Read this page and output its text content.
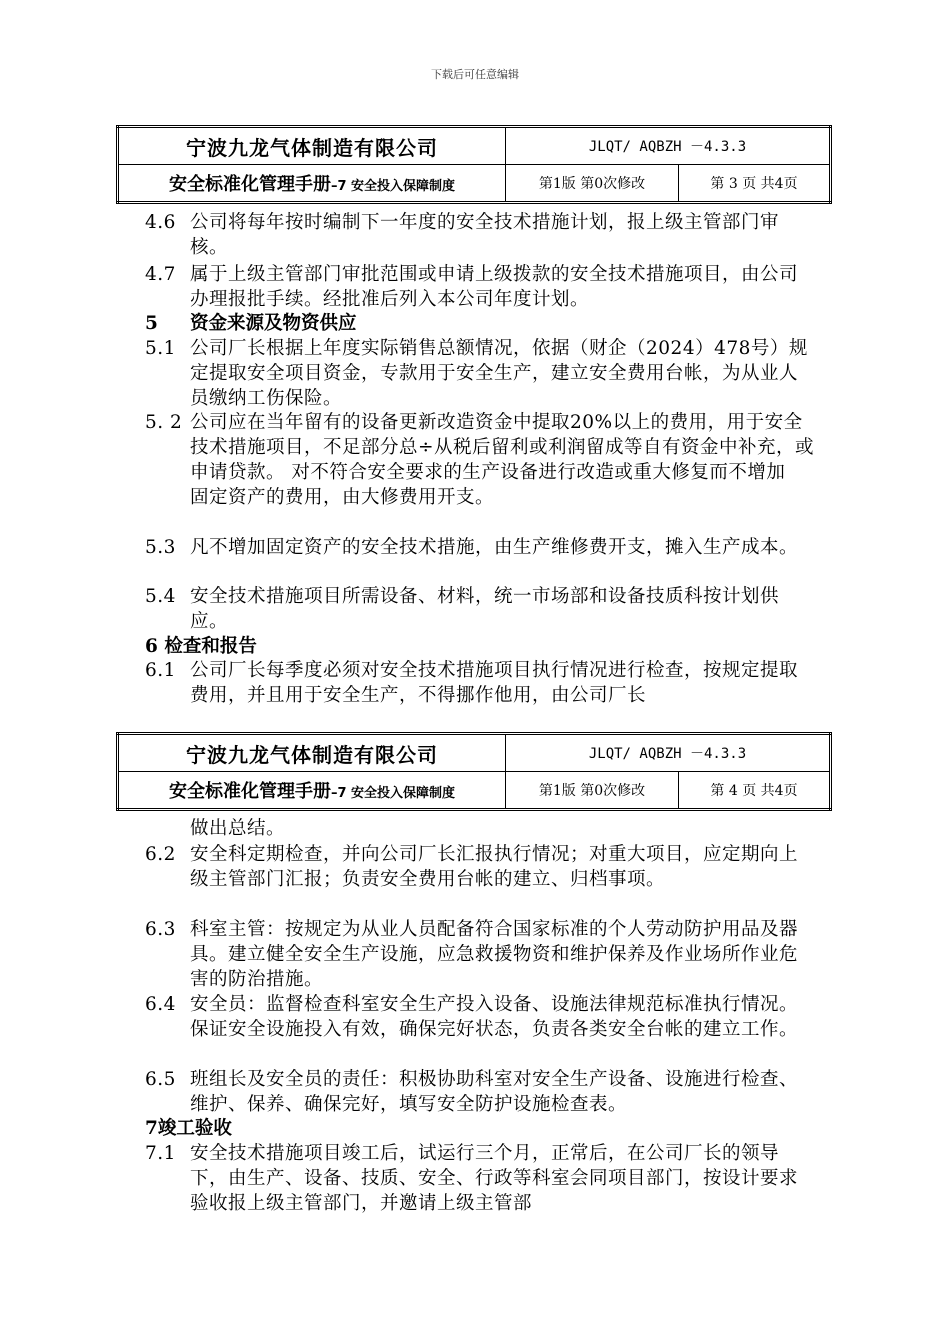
下载后可任意编辑
宁波九龙气体制造有限公司	JLQT/ AQBZH －4.3.3	
安全标准化管理手册–7 安全投入保障制度	第1版 第0次修改	第 3 页 共4页
4.6 公司将每年按时编制下一年度的安全技术措施计划，报上级主管部门审核。
4.7 属于上级主管部门审批范围或申请上级拨款的安全技术措施项目，由公司办理报批手续。经批准后列入本公司年度计划。
5 资金来源及物资供应
5.1 公司厂长根据上年度实际销售总额情况，依据（财企（2024）478号）规定提取安全项目资金，专款用于安全生产，建立安全费用台帐，为从业人员缴纳工伤保险。
5. 2 公司应在当年留有的设备更新改造资金中提取20%以上的费用，用于安全技术措施项目，不足部分总÷从税后留利或利润留成等自有资金中补充，或申请贷款。 对不符合安全要求的生产设备进行改造或重大修复而不增加　固定资产的费用，由大修费用开支。
5.3 凡不增加固定资产的安全技术措施，由生产维修费开支，摊入生产成本。
5.4 安全技术措施项目所需设备、材料，统一市场部和设备技质科按计划供应。
6 检查和报告
6.1 公司厂长每季度必须对安全技术措施项目执行情况进行检查，按规定提取费用，并且用于安全生产，不得挪作他用，由公司厂长
宁波九龙气体制造有限公司	JLQT/ AQBZH －4.3.3	
安全标准化管理手册–7 安全投入保障制度	第1版 第0次修改	第 4 页 共4页
做出总结。
6.2 安全科定期检查，并向公司厂长汇报执行情况；对重大项目，应定期向上级主管部门汇报；负责安全费用台帐的建立、归档事项。
6.3 科室主管：按规定为从业人员配备符合国家标准的个人劳动防护用品及器具。建立健全安全生产设施，应急救援物资和维护保养及作业场所作业危害的防治措施。
6.4 安全员：监督检查科室安全生产投入设备、设施法律规范标准执行情况。保证安全设施投入有效，确保完好状态，负责各类安全台帐的建立工作。
6.5 班组长及安全员的责任：积极协助科室对安全生产设备、设施进行检查、维护、保养、确保完好，填写安全防护设施检查表。
7竣工验收
7.1 安全技术措施项目竣工后，试运行三个月，正常后，在公司厂长的领导下，由生产、设备、技质、安全、行政等科室会同项目部门，按设计要求验收报上级主管部门，并邀请上级主管部
